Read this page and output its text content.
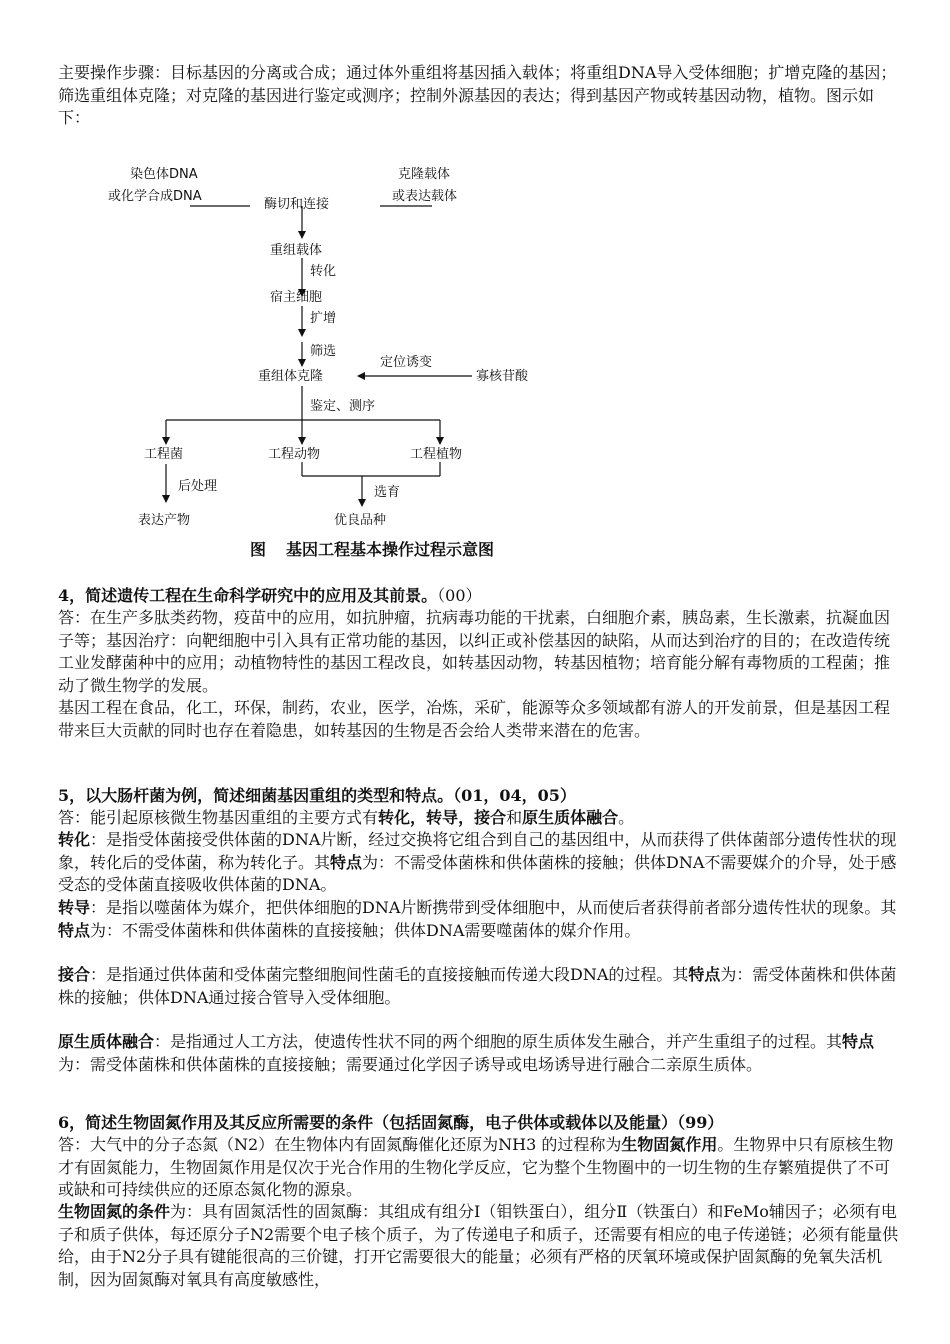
主要操作步骤：目标基因的分离或合成；通过体外重组将基因插入载体；将重组DNA导入受体细胞；扩增克隆的基因；筛选重组体克隆；对克隆的基因进行鉴定或测序；控制外源基因的表达；得到基因产物或转基因动物，植物。图示如下：

染色体DNA
或化学合成DNA
克隆载体
或表达载体
酶切和连接
重组载体
转化
宿主细胞
扩增
筛选
定位诱变
重组体克隆	寡核苷酸
鉴定、测序
工程菌	工程动物	工程植物
后处理	选育
表达产物	优良品种

图 基因工程基本操作过程示意图

4，简述遗传工程在生命科学研究中的应用及其前景。（00）

答：在生产多肽类药物，疫苗中的应用，如抗肿瘤，抗病毒功能的干扰素，白细胞介素，胰岛素，生长激素，抗凝血因子等；基因治疗：向靶细胞中引入具有正常功能的基因，以纠正或补偿基因的缺陷，从而达到治疗的目的；在改造传统工业发酵菌种中的应用；动植物特性的基因工程改良，如转基因动物，转基因植物；培育能分解有毒物质的工程菌；推动了微生物学的发展。

基因工程在食品，化工，环保，制药，农业，医学，冶炼，采矿，能源等众多领域都有游人的开发前景，但是基因工程带来巨大贡献的同时也存在着隐患，如转基因的生物是否会给人类带来潜在的危害。

5，以大肠杆菌为例，简述细菌基因重组的类型和特点。（01，04，05）

答：能引起原核微生物基因重组的主要方式有转化，转导，接合和原生质体融合。

转化：是指受体菌接受供体菌的DNA片断，经过交换将它组合到自己的基因组中，从而获得了供体菌部分遗传性状的现象，转化后的受体菌，称为转化子。其特点为：不需受体菌株和供体菌株的接触；供体DNA不需要媒介的介导，处于感受态的受体菌直接吸收供体菌的DNA。

转导：是指以噬菌体为媒介，把供体细胞的DNA片断携带到受体细胞中，从而使后者获得前者部分遗传性状的现象。其特点为：不需受体菌株和供体菌株的直接接触；供体DNA需要噬菌体的媒介作用。

接合：是指通过供体菌和受体菌完整细胞间性菌毛的直接接触而传递大段DNA的过程。其特点为：需受体菌株和供体菌株的接触；供体DNA通过接合管导入受体细胞。

原生质体融合：是指通过人工方法，使遗传性状不同的两个细胞的原生质体发生融合，并产生重组子的过程。其特点为：需受体菌株和供体菌株的直接接触；需要通过化学因子诱导或电场诱导进行融合二亲原生质体。

6，简述生物固氮作用及其反应所需要的条件（包括固氮酶，电子供体或载体以及能量）（99）

答：大气中的分子态氮（N2）在生物体内有固氮酶催化还原为NH3 的过程称为生物固氮作用。生物界中只有原核生物才有固氮能力，生物固氮作用是仅次于光合作用的生物化学反应，它为整个生物圈中的一切生物的生存繁殖提供了不可或缺和可持续供应的还原态氮化物的源泉。

生物固氮的条件为：具有固氮活性的固氮酶：其组成有组分Ⅰ（钼铁蛋白），组分Ⅱ（铁蛋白）和FeMo辅因子；必须有电子和质子供体，每还原分子N2需要个电子核个质子，为了传递电子和质子，还需要有相应的电子传递链；必须有能量供给，由于N2分子具有键能很高的三价键，打开它需要很大的能量；必须有严格的厌氧环境或保护固氮酶的免氧失活机制，因为固氮酶对氧具有高度敏感性，
